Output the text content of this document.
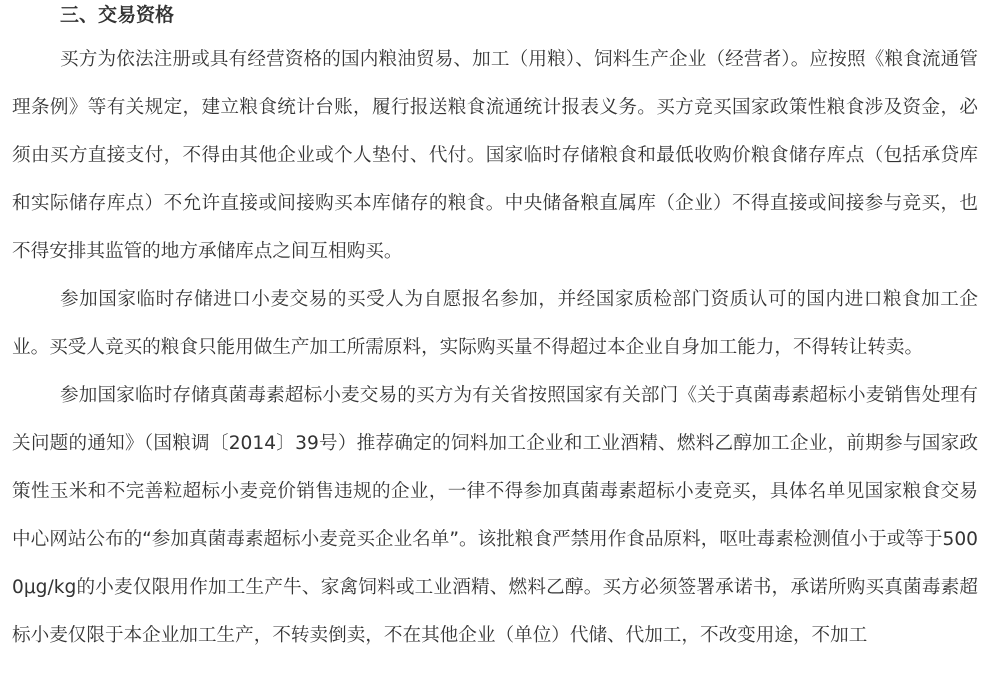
三、交易资格

买方为依法注册或具有经营资格的国内粮油贸易、加工（用粮）、饲料生产企业（经营者）。应按照《粮食流通管理条例》等有关规定，建立粮食统计台账，履行报送粮食流通统计报表义务。买方竞买国家政策性粮食涉及资金，必须由买方直接支付，不得由其他企业或个人垫付、代付。国家临时存储粮食和最低收购价粮食储存库点（包括承贷库和实际储存库点）不允许直接或间接购买本库储存的粮食。中央储备粮直属库（企业）不得直接或间接参与竞买，也不得安排其监管的地方承储库点之间互相购买。

参加国家临时存储进口小麦交易的买受人为自愿报名参加，并经国家质检部门资质认可的国内进口粮食加工企业。买受人竞买的粮食只能用做生产加工所需原料，实际购买量不得超过本企业自身加工能力，不得转让转卖。

参加国家临时存储真菌毒素超标小麦交易的买方为有关省按照国家有关部门《关于真菌毒素超标小麦销售处理有关问题的通知》（国粮调〔2014〕39号）推荐确定的饲料加工企业和工业酒精、燃料乙醇加工企业，前期参与国家政策性玉米和不完善粒超标小麦竞价销售违规的企业，一律不得参加真菌毒素超标小麦竞买，具体名单见国家粮食交易中心网站公布的“参加真菌毒素超标小麦竞买企业名单”。该批粮食严禁用作食品原料，呕吐毒素检测值小于或等于5000μg/kg的小麦仅限用作加工生产牛、家禽饲料或工业酒精、燃料乙醇。买方必须签署承诺书，承诺所购买真菌毒素超标小麦仅限于本企业加工生产，不转卖倒卖，不在其他企业（单位）代储、代加工，不改变用途，不加工
